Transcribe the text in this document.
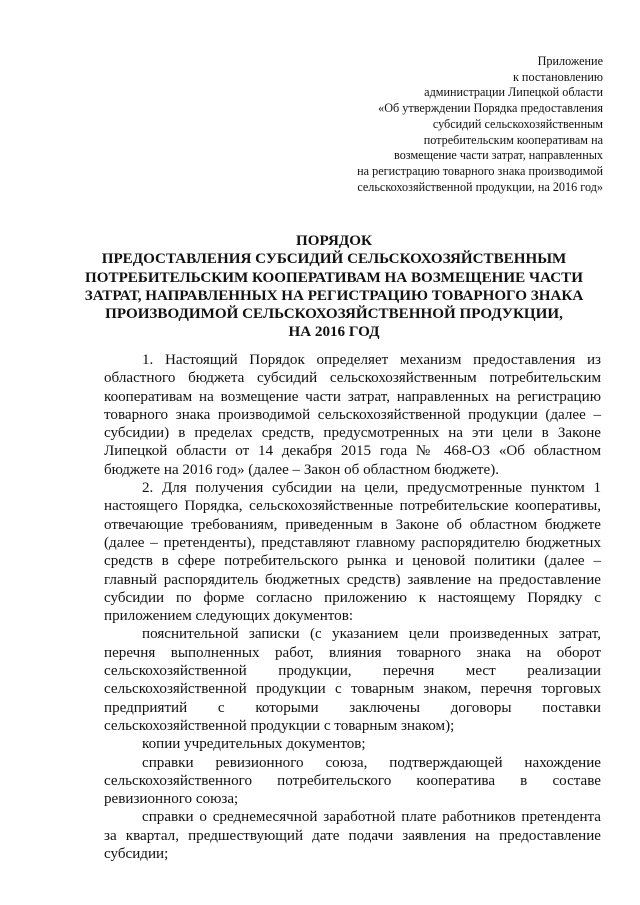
Приложение
к постановлению
администрации Липецкой области
«Об утверждении Порядка предоставления
субсидий сельскохозяйственным
потребительским кооперативам на
возмещение части затрат, направленных
на регистрацию товарного знака производимой
сельскохозяйственной продукции, на 2016 год»
ПОРЯДОК
ПРЕДОСТАВЛЕНИЯ СУБСИДИЙ СЕЛЬСКОХОЗЯЙСТВЕННЫМ
ПОТРЕБИТЕЛЬСКИМ КООПЕРАТИВАМ НА ВОЗМЕЩЕНИЕ ЧАСТИ
ЗАТРАТ, НАПРАВЛЕННЫХ НА РЕГИСТРАЦИЮ ТОВАРНОГО ЗНАКА
ПРОИЗВОДИМОЙ СЕЛЬСКОХОЗЯЙСТВЕННОЙ ПРОДУКЦИИ,
НА 2016 ГОД

1. Настоящий Порядок определяет механизм предоставления из областного бюджета субсидий сельскохозяйственным потребительским кооперативам на возмещение части затрат, направленных на регистрацию товарного знака производимой сельскохозяйственной продукции (далее – субсидии) в пределах средств, предусмотренных на эти цели в Законе Липецкой области от 14 декабря 2015 года № 468-ОЗ «Об областном бюджете на 2016 год» (далее – Закон об областном бюджете).

2. Для получения субсидии на цели, предусмотренные пунктом 1 настоящего Порядка, сельскохозяйственные потребительские кооперативы, отвечающие требованиям, приведенным в Законе об областном бюджете (далее – претенденты), представляют главному распорядителю бюджетных средств в сфере потребительского рынка и ценовой политики (далее – главный распорядитель бюджетных средств) заявление на предоставление субсидии по форме согласно приложению к настоящему Порядку с приложением следующих документов:

пояснительной записки (с указанием цели произведенных затрат, перечня выполненных работ, влияния товарного знака на оборот сельскохозяйственной продукции, перечня мест реализации сельскохозяйственной продукции с товарным знаком, перечня торговых предприятий с которыми заключены договоры поставки сельскохозяйственной продукции с товарным знаком);

копии учредительных документов;

справки ревизионного союза, подтверждающей нахождение сельскохозяйственного потребительского кооператива в составе ревизионного союза;

справки о среднемесячной заработной плате работников претендента за квартал, предшествующий дате подачи заявления на предоставление субсидии;
